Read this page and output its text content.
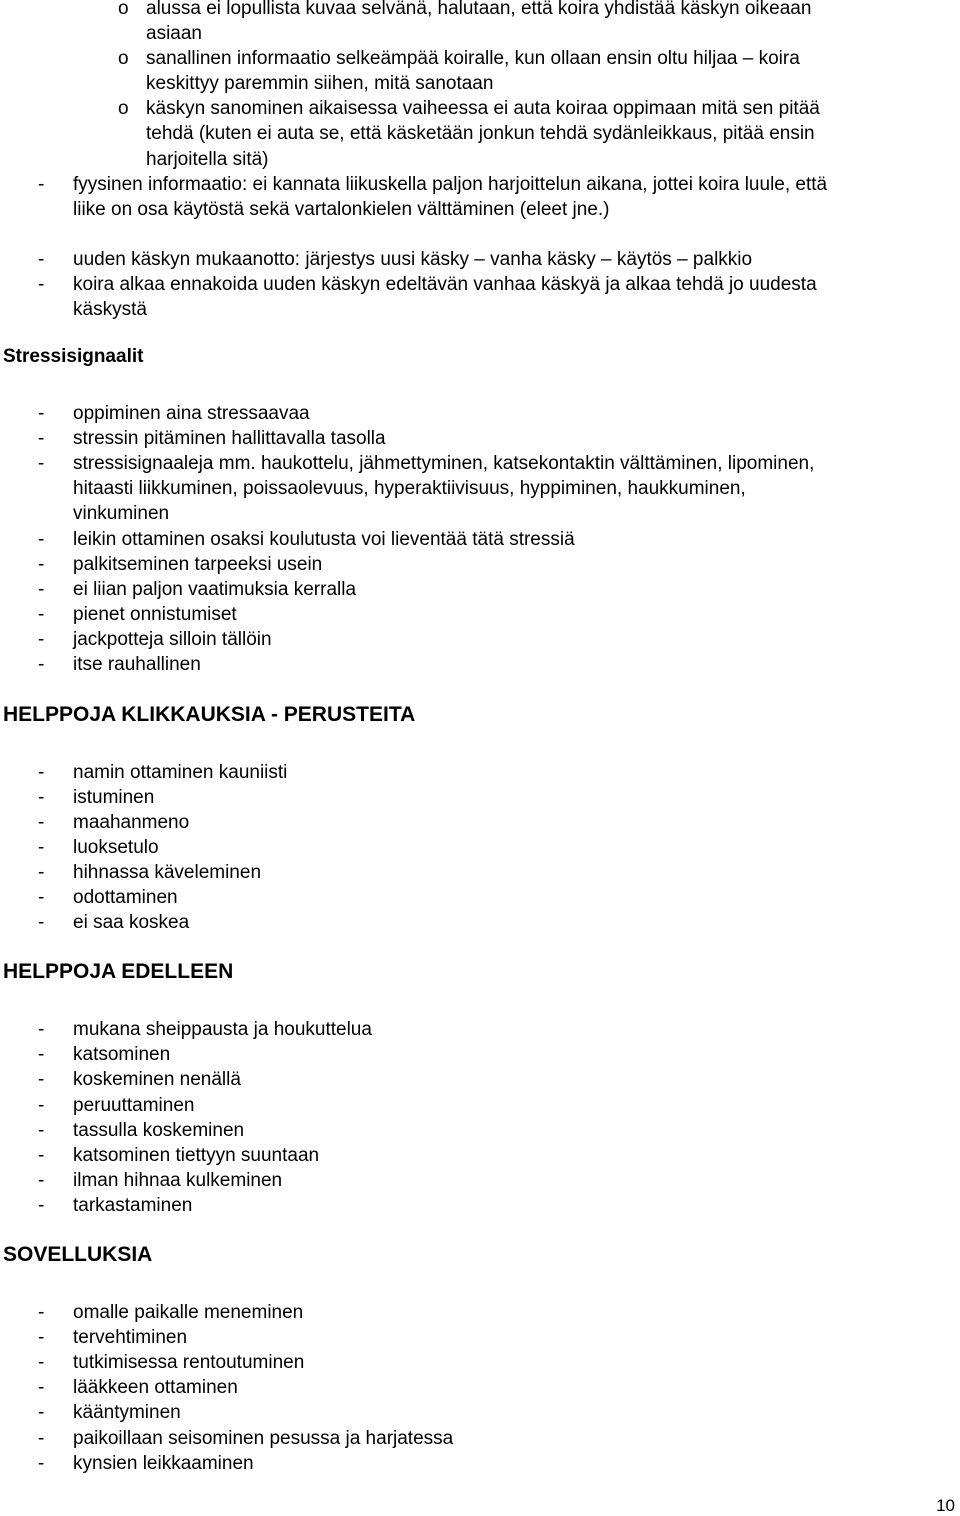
o alussa ei lopullista kuvaa selvänä, halutaan, että koira yhdistää käskyn oikeaan
asiaan
o sanallinen informaatio selkeämpää koiralle, kun ollaan ensin oltu hiljaa – koira
keskittyy paremmin siihen, mitä sanotaan
o käskyn sanominen aikaisessa vaiheessa ei auta koiraa oppimaan mitä sen pitää
tehdä (kuten ei auta se, että käsketään jonkun tehdä sydänleikkaus, pitää ensin
harjoitella sitä)
- fyysinen informaatio: ei kannata liikuskella paljon harjoittelun aikana, jottei koira luule, että
liike on osa käytöstä sekä vartalonkielen välttäminen (eleet jne.)
- uuden käskyn mukaanotto: järjestys uusi käsky – vanha käsky – käytös – palkkio
- koira alkaa ennakoida uuden käskyn edeltävän vanhaa käskyä ja alkaa tehdä jo uudesta
käskystä
Stressisignaalit
- oppiminen aina stressaavaa
- stressin pitäminen hallittavalla tasolla
- stressisignaaleja mm. haukottelu, jähmettyminen, katsekontaktin välttäminen, lipominen,
hitaasti liikkuminen, poissaolevuus, hyperaktiivisuus, hyppiminen, haukkuminen,
vinkuminen
- leikin ottaminen osaksi koulutusta voi lieventää tätä stressiä
- palkitseminen tarpeeksi usein
- ei liian paljon vaatimuksia kerralla
- pienet onnistumiset
- jackpotteja silloin tällöin
- itse rauhallinen
HELPPOJA KLIKKAUKSIA - PERUSTEITA
- namin ottaminen kauniisti
- istuminen
- maahanmeno
- luoksetulo
- hihnassa käveleminen
- odottaminen
- ei saa koskea
HELPPOJA EDELLEEN
- mukana sheippausta ja houkuttelua
- katsominen
- koskeminen nenällä
- peruuttaminen
- tassulla koskeminen
- katsominen tiettyyn suuntaan
- ilman hihnaa kulkeminen
- tarkastaminen
SOVELLUKSIA
- omalle paikalle meneminen
- tervehtiminen
- tutkimisessa rentoutuminen
- lääkkeen ottaminen
- kääntyminen
- paikoillaan seisominen pesussa ja harjatessa
- kynsien leikkaaminen
10
